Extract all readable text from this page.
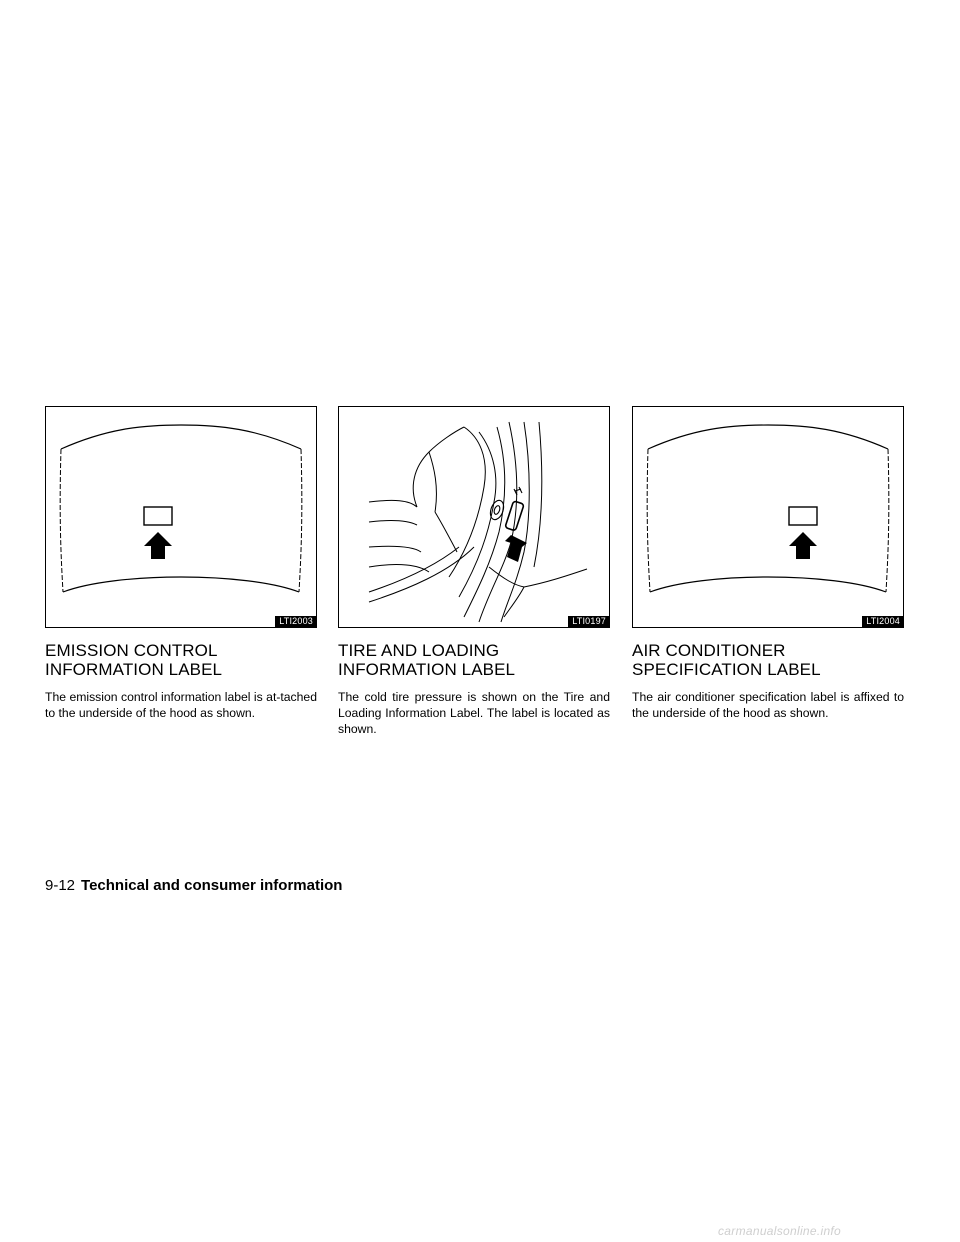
LTI2003
EMISSION CONTROL INFORMATION LABEL

The emission control information label is at-tached to the underside of the hood as shown.

LTI0197
TIRE AND LOADING INFORMATION LABEL

The cold tire pressure is shown on the Tire and Loading Information Label. The label is located as shown.

LTI2004
AIR CONDITIONER SPECIFICATION LABEL

The air conditioner specification label is affixed to the underside of the hood as shown.

9-12 Technical and consumer information
carmanualsonline.info
